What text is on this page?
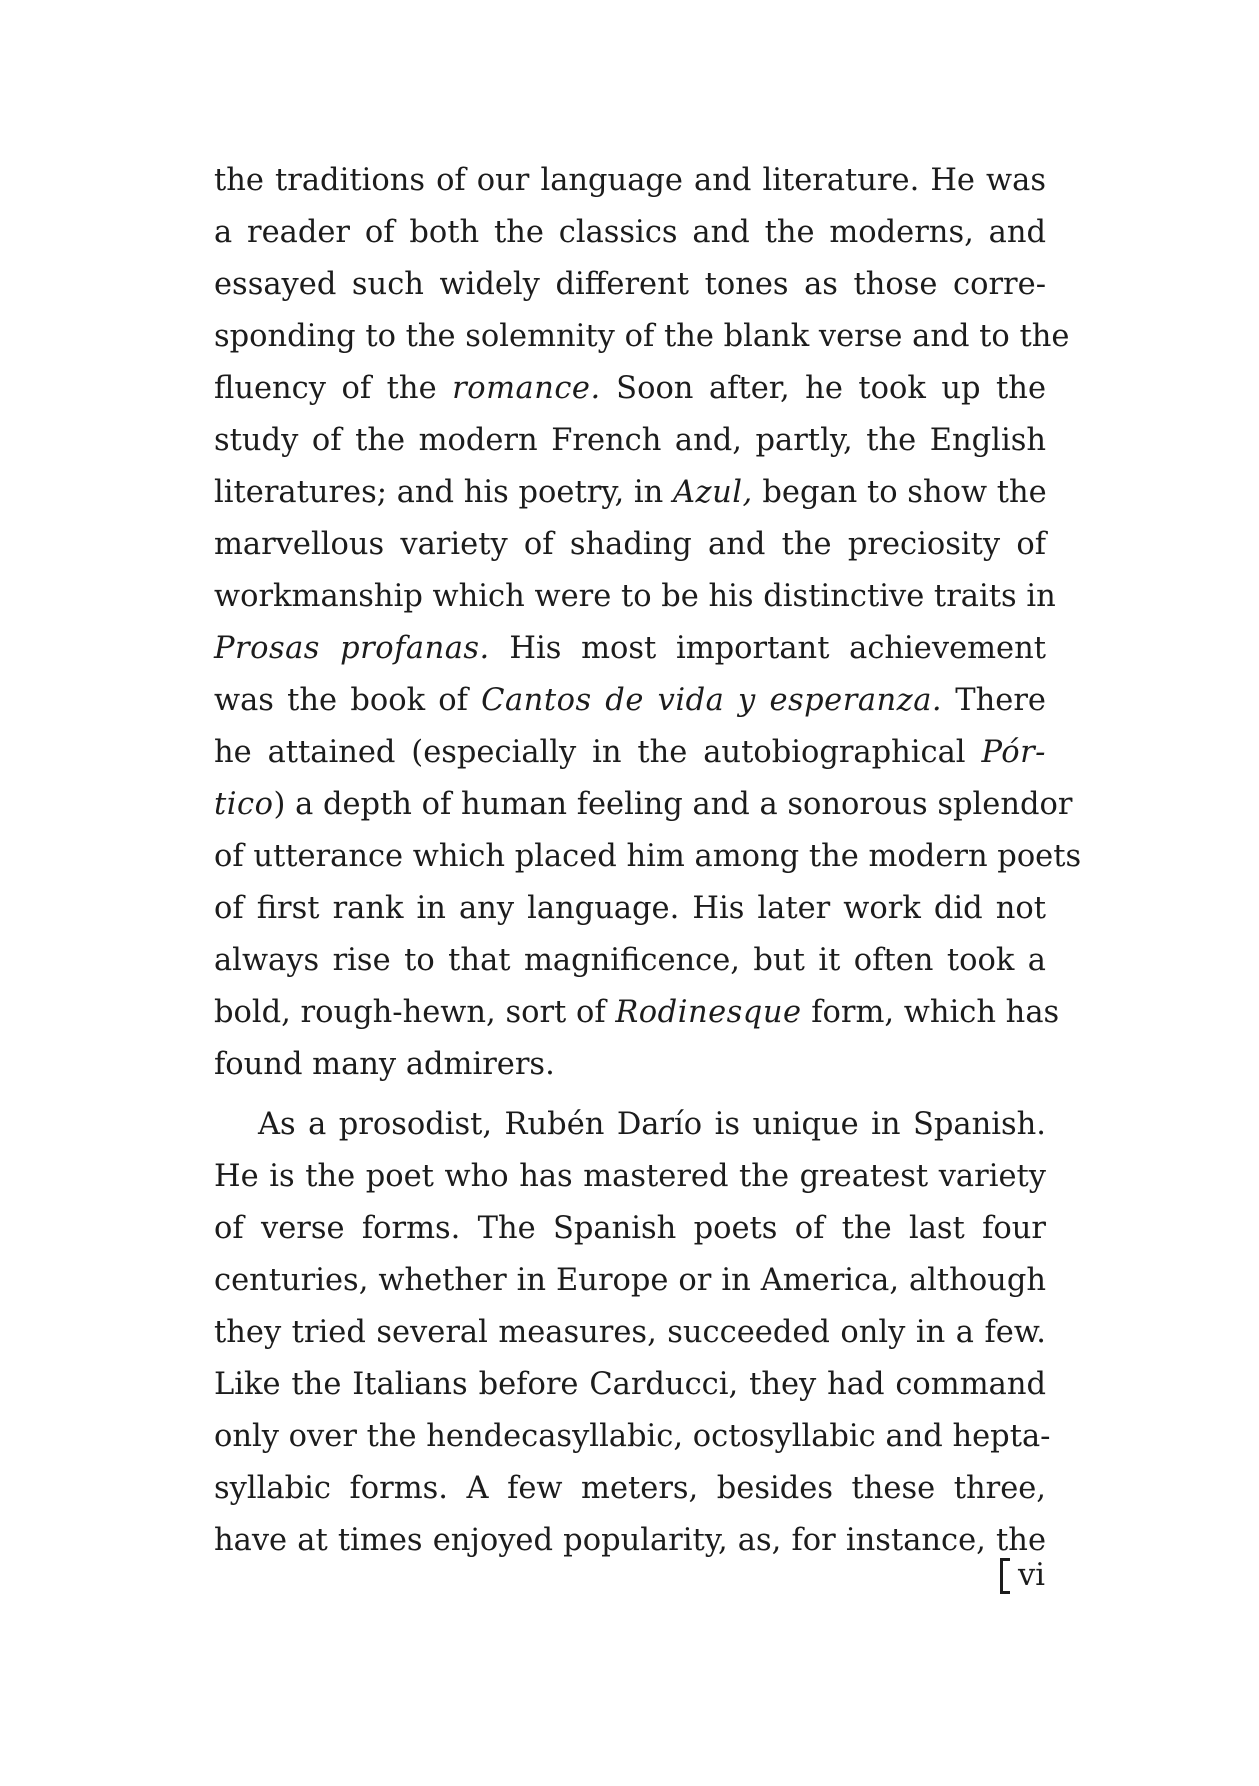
the traditions of our language and literature. He was
a reader of both the classics and the moderns, and
essayed such widely different tones as those corre-
sponding to the solemnity of the blank verse and to the
fluency of the romance. Soon after, he took up the
study of the modern French and, partly, the English
literatures; and his poetry, in Azul, began to show the
marvellous variety of shading and the preciosity of
workmanship which were to be his distinctive traits in
Prosas profanas. His most important achievement
was the book of Cantos de vida y esperanza. There
he attained (especially in the autobiographical Pór-
tico) a depth of human feeling and a sonorous splendor
of utterance which placed him among the modern poets
of first rank in any language. His later work did not
always rise to that magnificence, but it often took a
bold, rough-hewn, sort of Rodinesque form, which has
found many admirers.
As a prosodist, Rubén Darío is unique in Spanish.
He is the poet who has mastered the greatest variety
of verse forms. The Spanish poets of the last four
centuries, whether in Europe or in America, although
they tried several measures, succeeded only in a few.
Like the Italians before Carducci, they had command
only over the hendecasyllabic, octosyllabic and hepta-
syllabic forms. A few meters, besides these three,
have at times enjoyed popularity, as, for instance, the
vi
